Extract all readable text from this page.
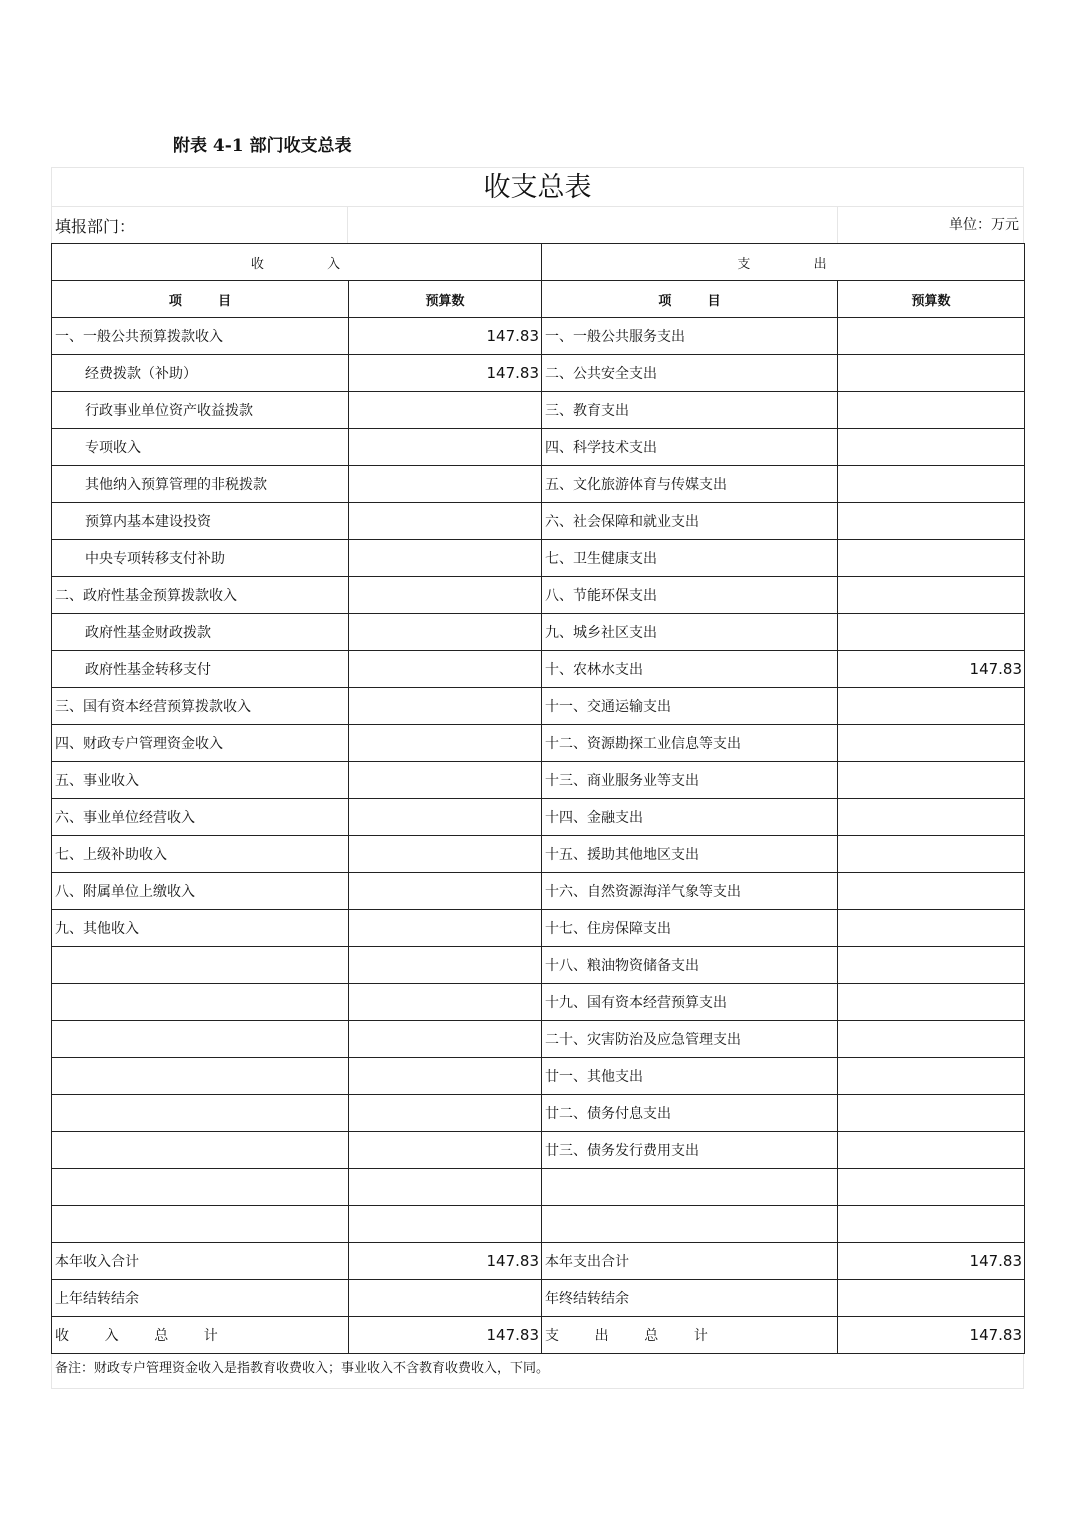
附表 4-1 部门收支总表
收支总表
填报部门：	单位：万元
收          入		支          出	
项        目	预算数	项        目	预算数
一、一般公共预算拨款收入	147.83	一、一般公共服务支出	
经费拨款（补助）	147.83	二、公共安全支出	
行政事业单位资产收益拨款		三、教育支出	
专项收入		四、科学技术支出	
其他纳入预算管理的非税拨款		五、文化旅游体育与传媒支出	
预算内基本建设投资		六、社会保障和就业支出	
中央专项转移支付补助		七、卫生健康支出	
二、政府性基金预算拨款收入		八、节能环保支出	
政府性基金财政拨款		九、城乡社区支出	
政府性基金转移支付		十、农林水支出	147.83
三、国有资本经营预算拨款收入		十一、交通运输支出	
四、财政专户管理资金收入		十二、资源勘探工业信息等支出	
五、事业收入		十三、商业服务业等支出	
六、事业单位经营收入		十四、金融支出	
七、上级补助收入		十五、援助其他地区支出	
八、附属单位上缴收入		十六、自然资源海洋气象等支出	
九、其他收入		十七、住房保障支出	
		十八、粮油物资储备支出	
		十九、国有资本经营预算支出	
		二十、灾害防治及应急管理支出	
		廿一、其他支出	
		廿二、债务付息支出	
		廿三、债务发行费用支出	

本年收入合计	147.83	本年支出合计	147.83
上年结转结余		年终结转结余	
收        入        总        计	147.83	支        出        总        计	147.83
备注：财政专户管理资金收入是指教育收费收入；事业收入不含教育收费收入，下同。
